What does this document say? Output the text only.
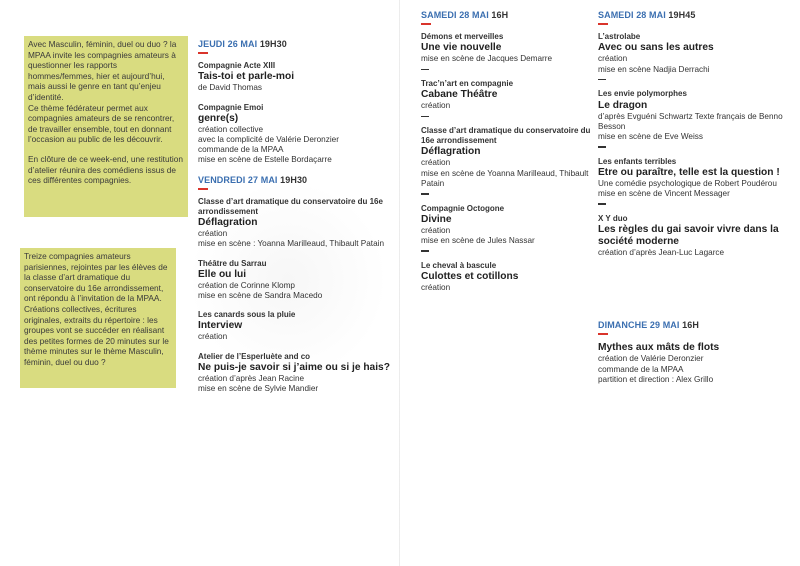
Avec Masculin, féminin, duel ou duo ? la MPAA invite les compagnies amateurs à questionner les rapports hommes/femmes, hier et aujourd’hui, mais aussi le genre en tant qu’enjeu d’identité.
Ce thème fédérateur permet aux compagnies amateurs de se rencontrer, de travailler ensemble, tout en donnant l’occasion au public de les découvrir.

En clôture de ce week-end, une restitution d’atelier réunira des comédiens issus de ces différentes compagnies.

Treize compagnies amateurs parisiennes, rejointes par les élèves de la classe d’art dramatique du conservatoire du 16e arrondissement, ont répondu à l’invitation de la MPAA. Créations collectives, écritures originales, extraits du répertoire : les groupes vont se succéder en réalisant des petites formes de 20 minutes sur le thème minutes sur le thème Masculin, féminin, duel ou duo ?

JEUDI 26 MAI 19H30
Compagnie Acte XIII
Tais-toi et parle-moi
de David Thomas
Compagnie Emoi
genre(s)
création collective
avec la complicité de Valérie Deronzier
commande de la MPAA
mise en scène de Estelle Bordaçarre
VENDREDI 27 MAI 19H30
Classe d’art dramatique du conservatoire du 16e arrondissement
Déflagration
création
mise en scène : Yoanna Marilleaud, Thibault Patain
Théâtre du Sarrau
Elle ou lui
création de Corinne Klomp
mise en scène de Sandra Macedo
Les canards sous la pluie
Interview
création
Atelier de l’Esperluète and co
Ne puis-je savoir si j’aime ou si je hais?
création d’après Jean Racine
mise en scène de Sylvie Mandier
SAMEDI 28 MAI 16H
Démons et merveilles
Une vie nouvelle
mise en scène de Jacques Demarre
Trac’n’art en compagnie
Cabane Théâtre
création
Classe d’art dramatique du conservatoire du 16e arrondissement
Déflagration
création
mise en scène de Yoanna Marilleaud, Thibault Patain
Compagnie Octogone
Divine
création
mise en scène de Jules Nassar
Le cheval à bascule
Culottes et cotillons
création
SAMEDI 28 MAI 19H45
L’astrolabe
Avec ou sans les autres
création
mise en scène Nadjia Derrachi
Les envie polymorphes
Le dragon
d’après Evguéni Schwartz Texte français de Benno Besson
mise en scène de Eve Weiss
Les enfants terribles
Etre ou paraître, telle est la question !
Une comédie psychologique de Robert Poudérou
mise en scène de Vincent Messager
X Y duo
Les règles du gai savoir vivre dans la société moderne
création d’après Jean-Luc Lagarce
DIMANCHE 29 MAI 16H
Mythes aux mâts de flots
création de Valérie Deronzier
commande de la MPAA
partition et direction : Alex Grillo
